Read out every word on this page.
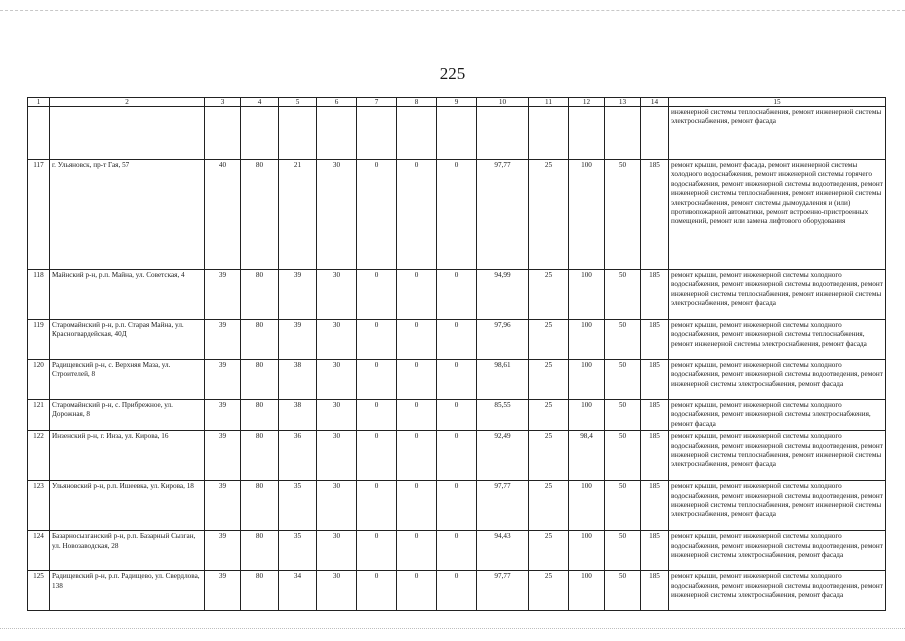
225
1	2	3	4	5	6	7	8	9	10	11	12	13	14	15
														инженерной системы теплоснабжения, ремонт инженерной системы электроснабжения, ремонт фасада
117	г. Ульяновск, пр-т Гая, 57	40	80	21	30	0	0	0	97,77	25	100	50	185	ремонт крыши, ремонт фасада, ремонт инженерной системы холодного водоснабжения, ремонт инженерной системы горячего водоснабжения, ремонт инженерной системы водоотведения, ремонт инженерной системы теплоснабжения, ремонт инженерной системы электроснабжения, ремонт системы дымоудаления и (или) противопожарной автоматики, ремонт встроенно-пристроенных помещений, ремонт или замена лифтового оборудования
118	Майнский р-н, р.п. Майна, ул. Советская, 4	39	80	39	30	0	0	0	94,99	25	100	50	185	ремонт крыши, ремонт инженерной системы холодного водоснабжения, ремонт инженерной системы водоотведения, ремонт инженерной системы теплоснабжения, ремонт инженерной системы электроснабжения, ремонт фасада
119	Старомайнский р-н, р.п. Старая Майна, ул. Красногвардейская, 40Д	39	80	39	30	0	0	0	97,96	25	100	50	185	ремонт крыши, ремонт инженерной системы холодного водоснабжения, ремонт инженерной системы теплоснабжения, ремонт инженерной системы электроснабжения, ремонт фасада
120	Радищевский р-н, с. Верхняя Маза, ул. Строителей, 8	39	80	38	30	0	0	0	98,61	25	100	50	185	ремонт крыши, ремонт инженерной системы холодного водоснабжения, ремонт инженерной системы водоотведения, ремонт инженерной системы электроснабжения, ремонт фасада
121	Старомайнский р-н, с. Прибрежное, ул. Дорожная, 8	39	80	38	30	0	0	0	85,55	25	100	50	185	ремонт крыши, ремонт инженерной системы холодного водоснабжения, ремонт инженерной системы электроснабжения, ремонт фасада
122	Инзенский р-н, г. Инза, ул. Кирова, 16	39	80	36	30	0	0	0	92,49	25	98,4	50	185	ремонт крыши, ремонт инженерной системы холодного водоснабжения, ремонт инженерной системы водоотведения, ремонт инженерной системы теплоснабжения, ремонт инженерной системы электроснабжения, ремонт фасада
123	Ульяновский р-н, р.п. Ишеевка, ул. Кирова, 18	39	80	35	30	0	0	0	97,77	25	100	50	185	ремонт крыши, ремонт инженерной системы холодного водоснабжения, ремонт инженерной системы водоотведения, ремонт инженерной системы теплоснабжения, ремонт инженерной системы электроснабжения, ремонт фасада
124	Базарносызганский р-н, р.п. Базарный Сызган, ул. Новозаводская, 28	39	80	35	30	0	0	0	94,43	25	100	50	185	ремонт крыши, ремонт инженерной системы холодного водоснабжения, ремонт инженерной системы водоотведения, ремонт инженерной системы электроснабжения, ремонт фасада
125	Радищевский р-н, р.п. Радищево, ул. Свердлова, 138	39	80	34	30	0	0	0	97,77	25	100	50	185	ремонт крыши, ремонт инженерной системы холодного водоснабжения, ремонт инженерной системы водоотведения, ремонт инженерной системы электроснабжения, ремонт фасада
